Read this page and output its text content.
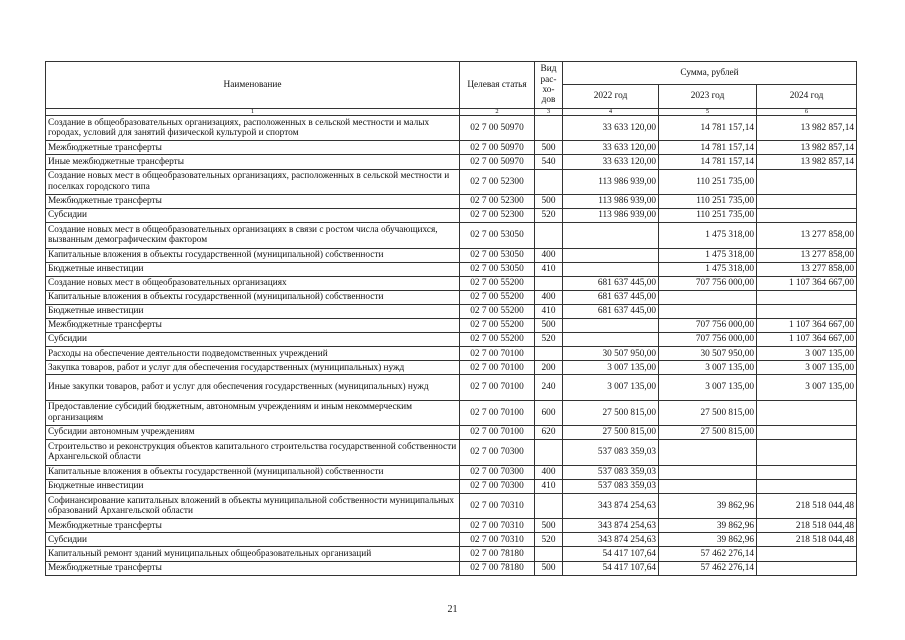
Наименование	Целевая статья	Вид рас-хо-дов	Сумма, рублей		
			2022 год	2023 год	2024 год
1	2	3	4	5	6
Создание в общеобразовательных организациях, расположенных в сельской местности и малых городах, условий для занятий физической культурой и спортом	02 7 00 50970		33 633 120,00	14 781 157,14	13 982 857,14
Межбюджетные трансферты	02 7 00 50970	500	33 633 120,00	14 781 157,14	13 982 857,14
Иные межбюджетные трансферты	02 7 00 50970	540	33 633 120,00	14 781 157,14	13 982 857,14
Создание новых мест в общеобразовательных организациях, расположенных в сельской местности и поселках городского типа	02 7 00 52300		113 986 939,00	110 251 735,00	
Межбюджетные трансферты	02 7 00 52300	500	113 986 939,00	110 251 735,00	
Субсидии	02 7 00 52300	520	113 986 939,00	110 251 735,00	
Создание новых мест в общеобразовательных организациях в связи с ростом числа обучающихся, вызванным демографическим фактором	02 7 00 53050			1 475 318,00	13 277 858,00
Капитальные вложения в объекты государственной (муниципальной) собственности	02 7 00 53050	400		1 475 318,00	13 277 858,00
Бюджетные инвестиции	02 7 00 53050	410		1 475 318,00	13 277 858,00
Создание новых мест в общеобразовательных организациях	02 7 00 55200		681 637 445,00	707 756 000,00	1 107 364 667,00
Капитальные вложения в объекты государственной (муниципальной) собственности	02 7 00 55200	400	681 637 445,00		
Бюджетные инвестиции	02 7 00 55200	410	681 637 445,00		
Межбюджетные трансферты	02 7 00 55200	500		707 756 000,00	1 107 364 667,00
Субсидии	02 7 00 55200	520		707 756 000,00	1 107 364 667,00
Расходы на обеспечение деятельности подведомственных учреждений	02 7 00 70100		30 507 950,00	30 507 950,00	3 007 135,00
Закупка товаров, работ и услуг для обеспечения государственных (муниципальных) нужд	02 7 00 70100	200	3 007 135,00	3 007 135,00	3 007 135,00
Иные закупки товаров, работ и услуг для обеспечения государственных (муниципальных) нужд	02 7 00 70100	240	3 007 135,00	3 007 135,00	3 007 135,00
Предоставление субсидий бюджетным, автономным учреждениям и иным некоммерческим организациям	02 7 00 70100	600	27 500 815,00	27 500 815,00	
Субсидии автономным учреждениям	02 7 00 70100	620	27 500 815,00	27 500 815,00	
Строительство и реконструкция объектов капитального строительства государственной собственности Архангельской области	02 7 00 70300		537 083 359,03		
Капитальные вложения в объекты государственной (муниципальной) собственности	02 7 00 70300	400	537 083 359,03		
Бюджетные инвестиции	02 7 00 70300	410	537 083 359,03		
Софинансирование капитальных вложений в объекты муниципальной собственности муниципальных образований Архангельской области	02 7 00 70310		343 874 254,63	39 862,96	218 518 044,48
Межбюджетные трансферты	02 7 00 70310	500	343 874 254,63	39 862,96	218 518 044,48
Субсидии	02 7 00 70310	520	343 874 254,63	39 862,96	218 518 044,48
Капитальный ремонт зданий муниципальных общеобразовательных организаций	02 7 00 78180		54 417 107,64	57 462 276,14	
Межбюджетные трансферты	02 7 00 78180	500	54 417 107,64	57 462 276,14	
21
